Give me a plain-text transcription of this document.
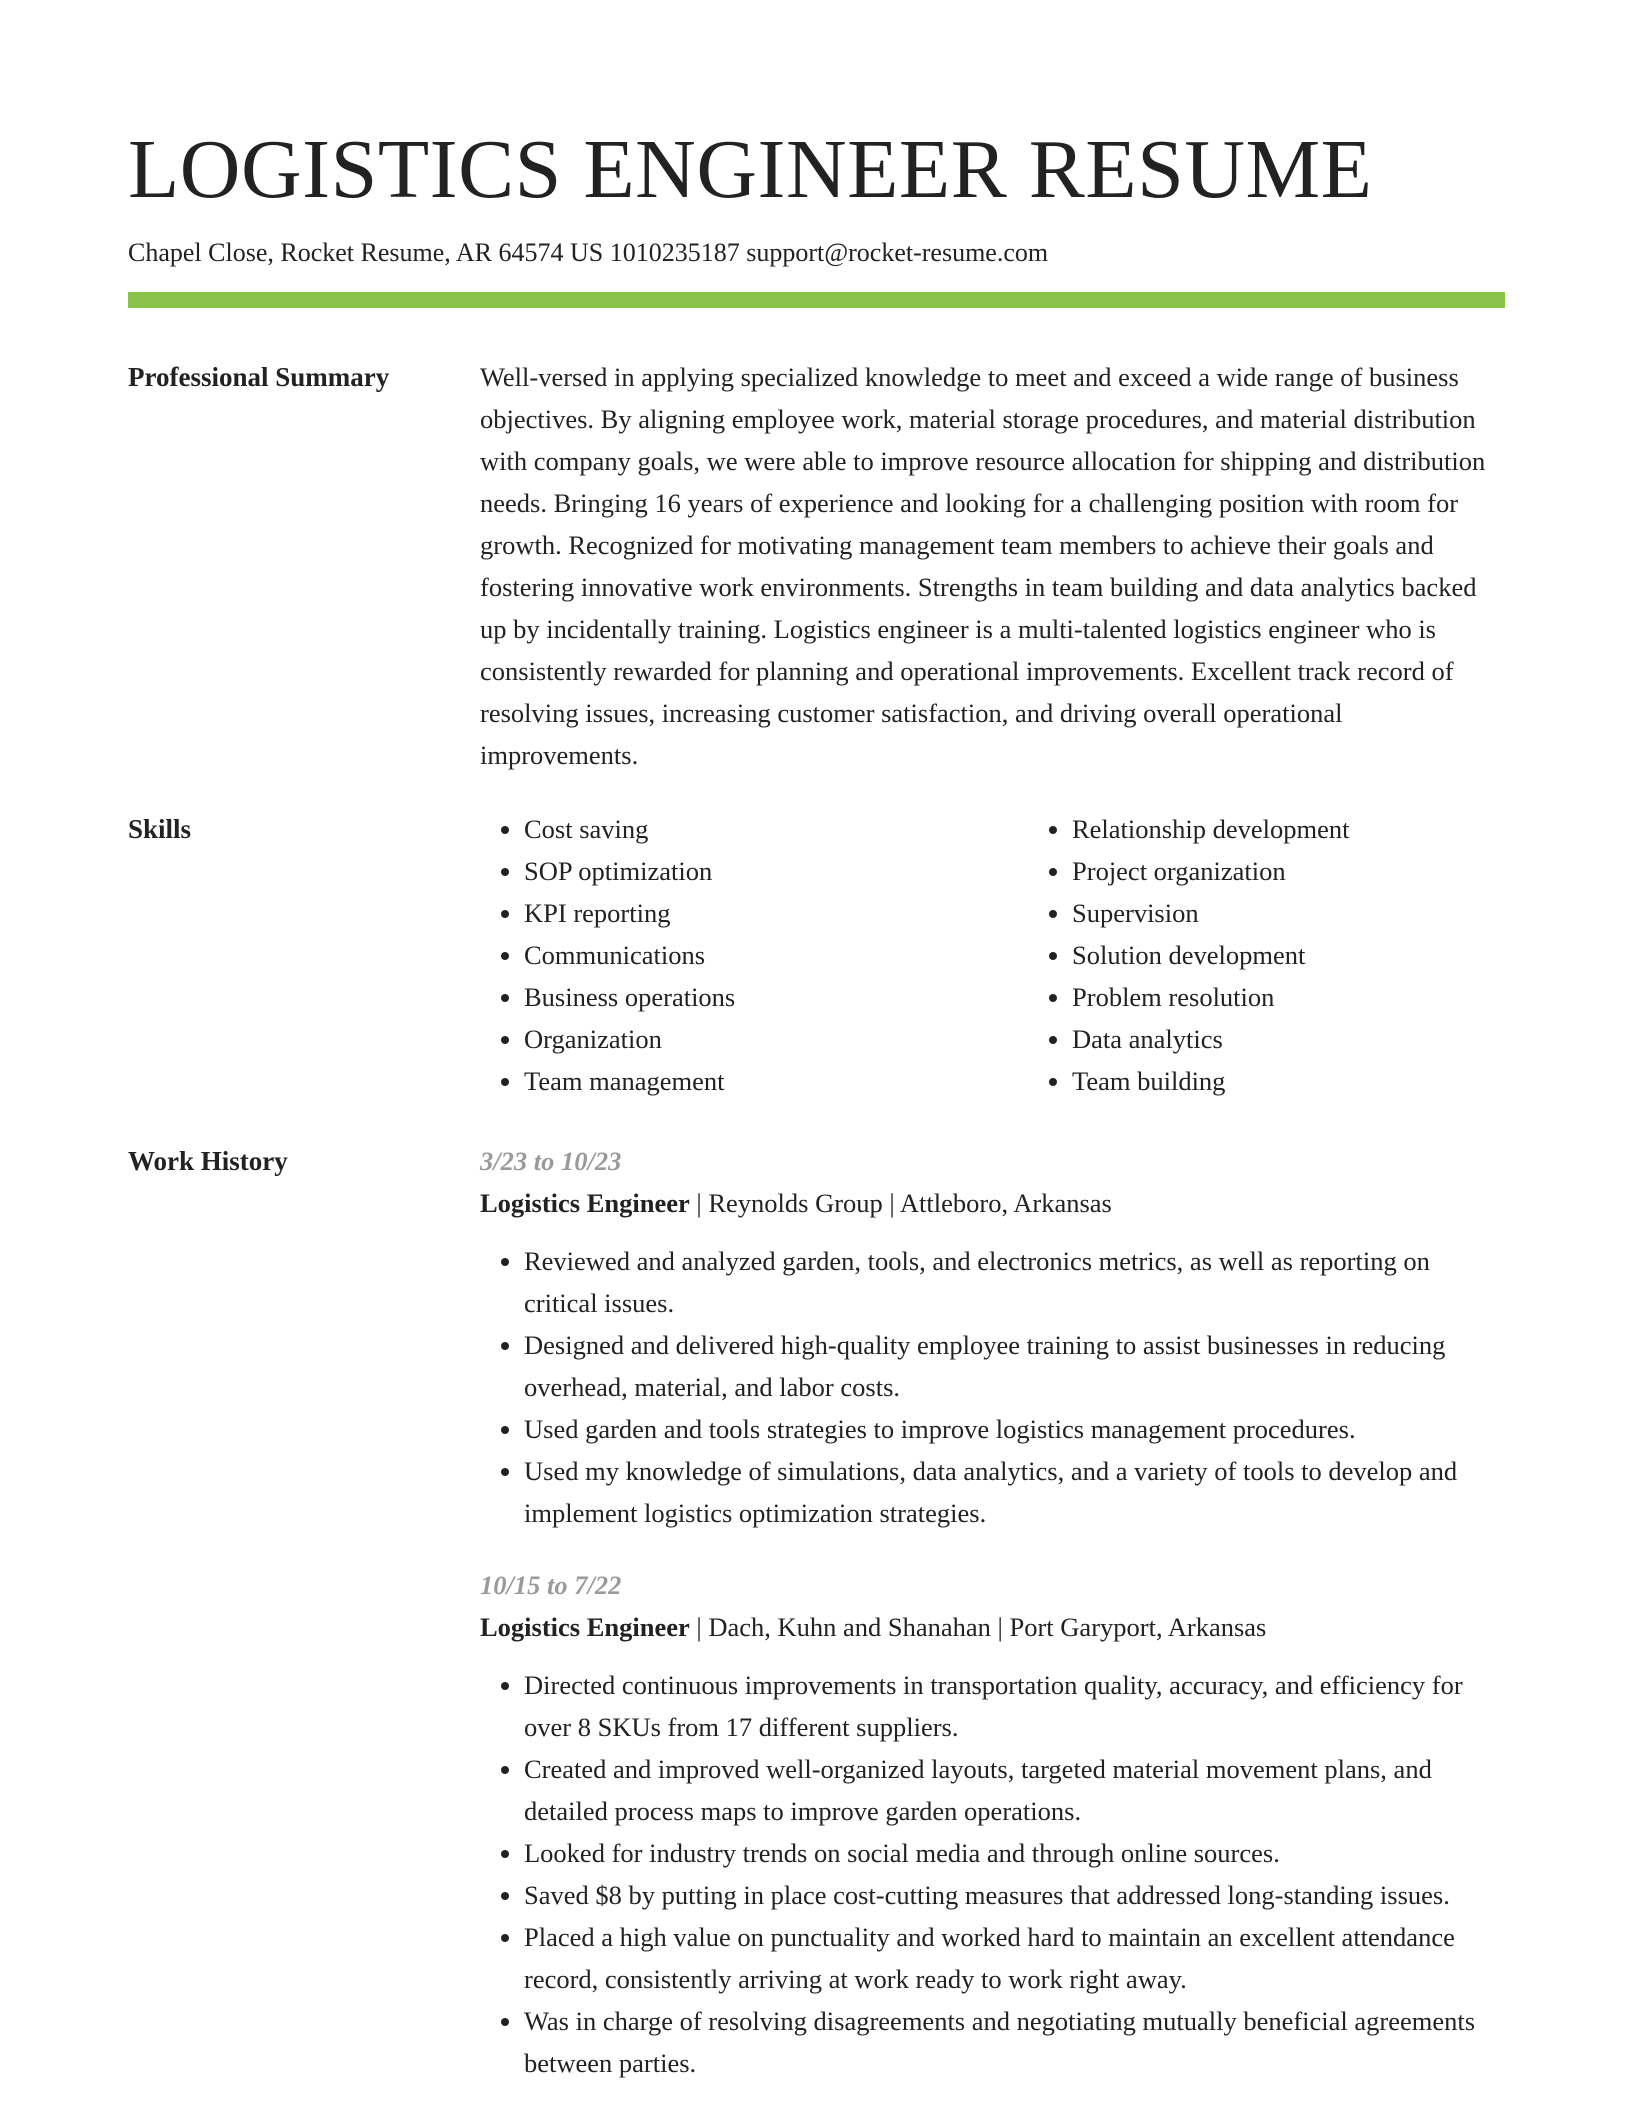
LOGISTICS ENGINEER RESUME
Chapel Close, Rocket Resume, AR 64574 US 1010235187 support@rocket-resume.com
Professional Summary	Well-versed in applying specialized knowledge to meet and exceed a wide range of business objectives. By aligning employee work, material storage procedures, and material distribution with company goals, we were able to improve resource allocation for shipping and distribution needs. Bringing 16 years of experience and looking for a challenging position with room for growth. Recognized for motivating management team members to achieve their goals and fostering innovative work environments. Strengths in team building and data analytics backed up by incidentally training. Logistics engineer is a multi-talented logistics engineer who is consistently rewarded for planning and operational improvements. Excellent track record of resolving issues, increasing customer satisfaction, and driving overall operational improvements.

Skills
•	Cost saving
• SOP optimization
• KPI reporting
• Communications
• Business operations
• Organization
• Team management
• Relationship development
• Project organization
• Supervision
• Solution development
• Problem resolution
• Data analytics
• Team building
Work History	3/23 to 10/23
Logistics Engineer | Reynolds Group | Attleboro, Arkansas
• Reviewed and analyzed garden, tools, and electronics metrics, as well as reporting on critical issues.
• Designed and delivered high-quality employee training to assist businesses in reducing overhead, material, and labor costs.
• Used garden and tools strategies to improve logistics management procedures.
• Used my knowledge of simulations, data analytics, and a variety of tools to develop and implement logistics optimization strategies.
10/15 to 7/22
Logistics Engineer | Dach, Kuhn and Shanahan | Port Garyport, Arkansas
• Directed continuous improvements in transportation quality, accuracy, and efficiency for over 8 SKUs from 17 different suppliers.
• Created and improved well-organized layouts, targeted material movement plans, and detailed process maps to improve garden operations.
• Looked for industry trends on social media and through online sources.
• Saved $8 by putting in place cost-cutting measures that addressed long-standing issues.
• Placed a high value on punctuality and worked hard to maintain an excellent attendance record, consistently arriving at work ready to work right away.
• Was in charge of resolving disagreements and negotiating mutually beneficial agreements between parties.
